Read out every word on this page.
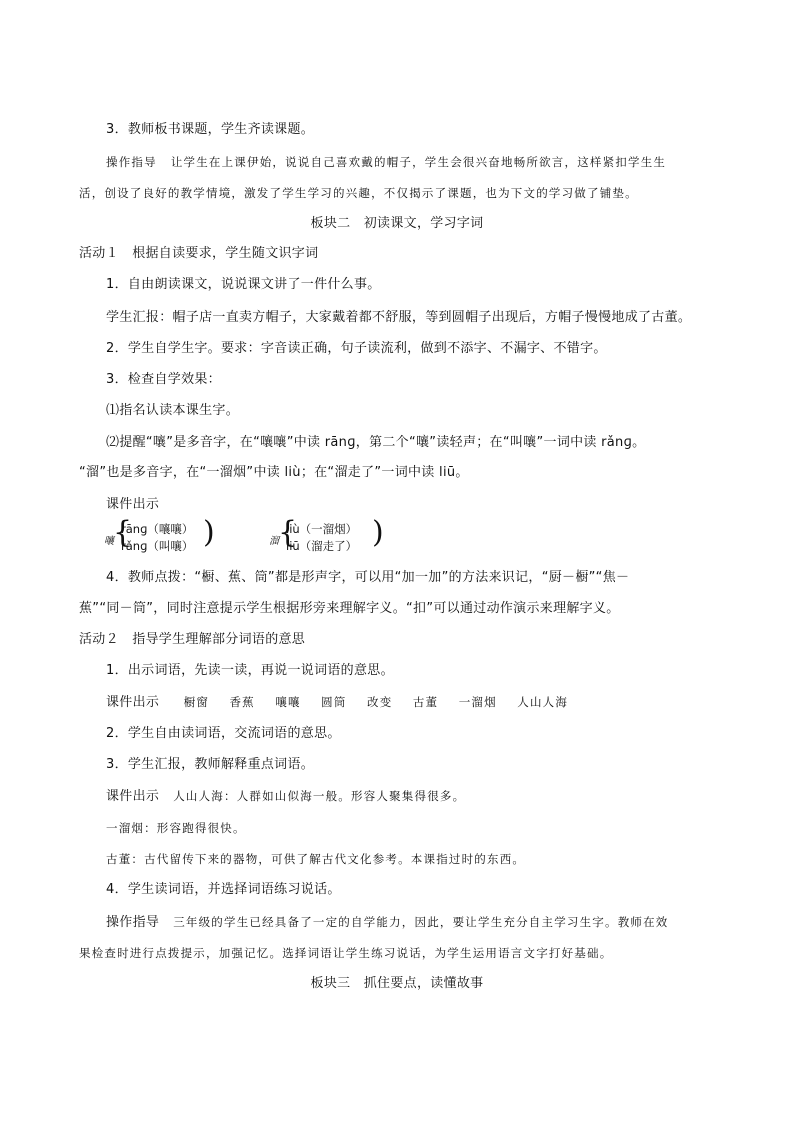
3．教师板书课题，学生齐读课题。
操作指导 让学生在上课伊始，说说自己喜欢戴的帽子，学生会很兴奋地畅所欲言，这样紧扣学生生
活，创设了良好的教学情境，激发了学生学习的兴趣，不仅揭示了课题，也为下文的学习做了铺垫。
板块二　初读课文，学习字词
活动１　根据自读要求，学生随文识字词
1．自由朗读课文，说说课文讲了一件什么事。
学生汇报：帽子店一直卖方帽子，大家戴着都不舒服，等到圆帽子出现后，方帽子慢慢地成了古董。
2．学生自学生字。要求：字音读正确，句子读流利，做到不添字、不漏字、不错字。
3．检查自学效果：
⑴指名认读本课生字。
⑵提醒“嚷”是多音字，在“嚷嚷”中读 rānɡ，第二个“嚷”读轻声；在“叫嚷”一词中读 rǎnɡ。
“溜”也是多音字，在“一溜烟”中读 liù；在“溜走了”一词中读 liū。
课件出示
嚷 {
rānɡ（嚷嚷）
rǎnɡ（叫嚷） )	溜 {
liù（一溜烟）
liū（溜走了） )
4．教师点拨：“橱、蕉、筒”都是形声字，可以用“加一加”的方法来识记，“厨－橱”“焦－
蕉”“同－筒”，同时注意提示学生根据形旁来理解字义。“扣”可以通过动作演示来理解字义。
活动２　指导学生理解部分词语的意思
1．出示词语，先读一读，再说一说词语的意思。
课件出示 橱窗 香蕉 嚷嚷 圆筒 改变 古董 一溜烟 人山人海
2．学生自由读词语，交流词语的意思。
3．学生汇报，教师解释重点词语。
课件出示 人山人海：人群如山似海一般。形容人聚集得很多。
一溜烟：形容跑得很快。
古董：古代留传下来的器物，可供了解古代文化参考。本课指过时的东西。
4．学生读词语，并选择词语练习说话。
操作指导 三年级的学生已经具备了一定的自学能力，因此，要让学生充分自主学习生字。教师在效
果检查时进行点拨提示，加强记忆。选择词语让学生练习说话，为学生运用语言文字打好基础。
板块三　抓住要点，读懂故事
